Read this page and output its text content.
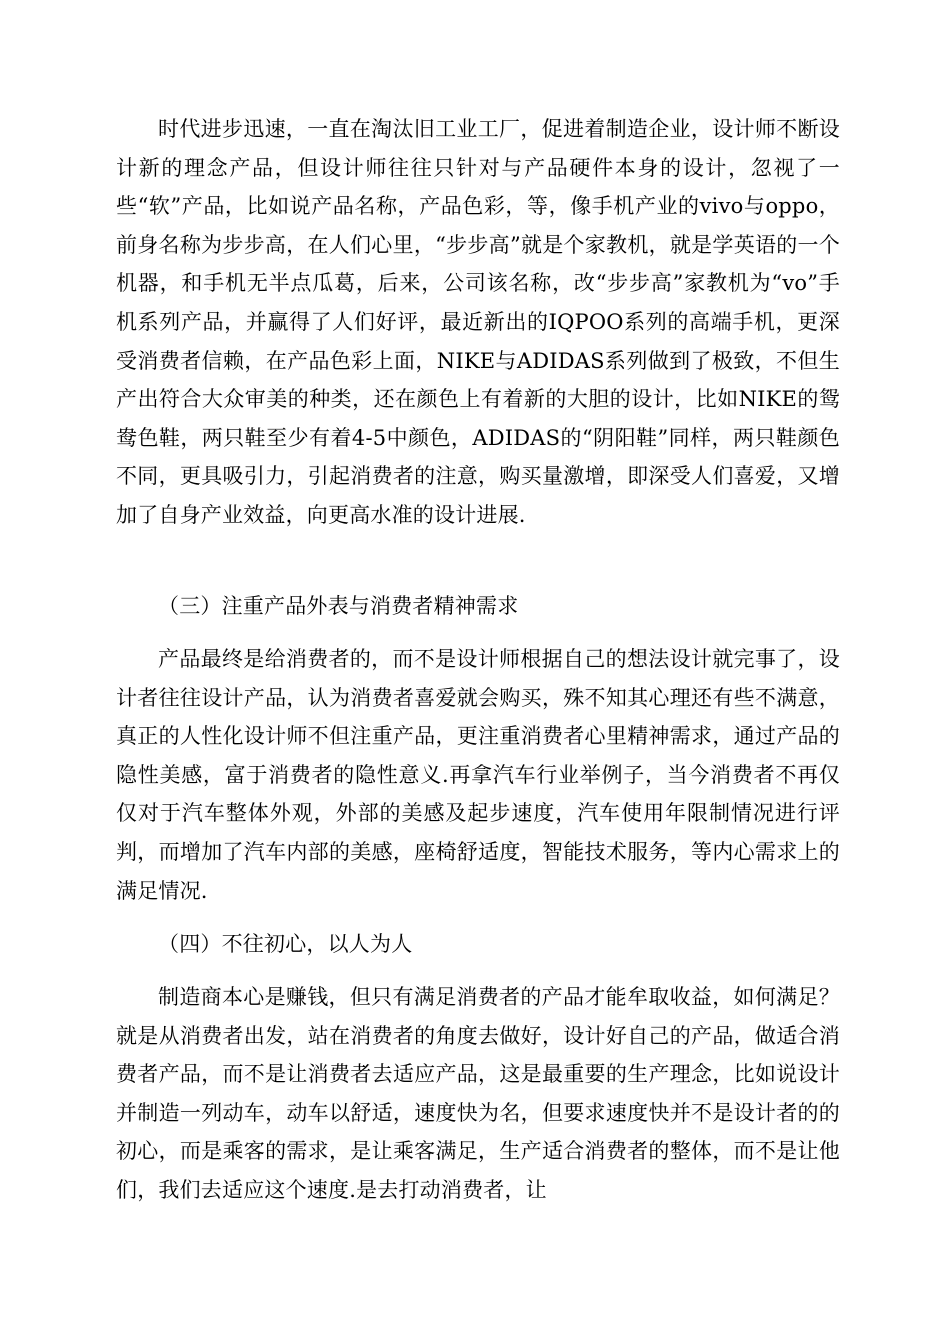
时代进步迅速，一直在淘汰旧工业工厂，促进着制造企业，设计师不断设计新的理念产品，但设计师往往只针对与产品硬件本身的设计，忽视了一些“软”产品，比如说产品名称，产品色彩，等，像手机产业的vivo与oppo，前身名称为步步高，在人们心里，“步步高”就是个家教机，就是学英语的一个机器，和手机无半点瓜葛，后来，公司该名称，改“步步高”家教机为“vo”手机系列产品，并赢得了人们好评，最近新出的IQPOO系列的高端手机，更深受消费者信赖，在产品色彩上面，NIKE与ADIDAS系列做到了极致，不但生产出符合大众审美的种类，还在颜色上有着新的大胆的设计，比如NIKE的鸳鸯色鞋，两只鞋至少有着4-5中颜色，ADIDAS的“阴阳鞋”同样，两只鞋颜色不同，更具吸引力，引起消费者的注意，购买量激增，即深受人们喜爱，又增加了自身产业效益，向更高水准的设计进展.

（三）注重产品外表与消费者精神需求

产品最终是给消费者的，而不是设计师根据自己的想法设计就完事了，设计者往往设计产品，认为消费者喜爱就会购买，殊不知其心理还有些不满意，真正的人性化设计师不但注重产品，更注重消费者心里精神需求，通过产品的隐性美感，富于消费者的隐性意义.再拿汽车行业举例子，当今消费者不再仅仅对于汽车整体外观，外部的美感及起步速度，汽车使用年限制情况进行评判，而增加了汽车内部的美感，座椅舒适度，智能技术服务，等内心需求上的满足情况.

（四）不往初心，以人为人

制造商本心是赚钱，但只有满足消费者的产品才能牟取收益，如何满足？就是从消费者出发，站在消费者的角度去做好，设计好自己的产品，做适合消费者产品，而不是让消费者去适应产品，这是最重要的生产理念，比如说设计并制造一列动车，动车以舒适，速度快为名，但要求速度快并不是设计者的的初心，而是乘客的需求，是让乘客满足，生产适合消费者的整体，而不是让他们，我们去适应这个速度.是去打动消费者，让
